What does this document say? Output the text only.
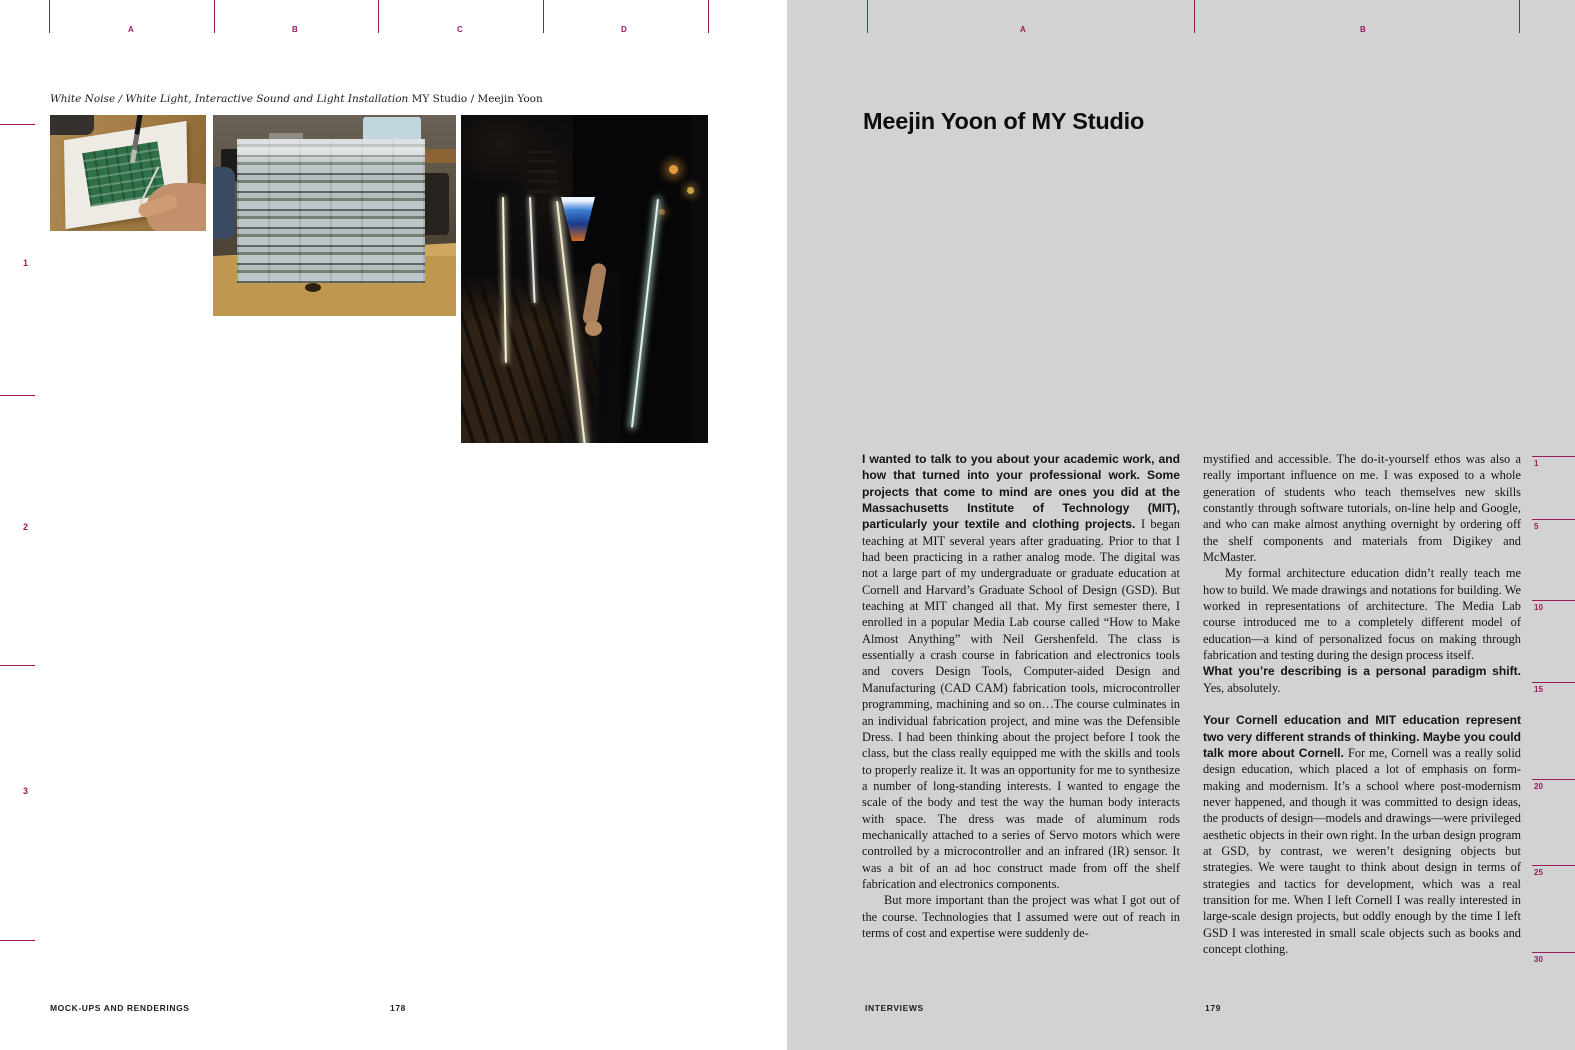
A	B	C	D
1
2
3
White Noise / White Light, Interactive Sound and Light Installation MY Studio / Meejin Yoon
MOCK-UPS AND RENDERINGS	178
A	B
Meejin Yoon of MY Studio

I wanted to talk to you about your academic work, and how that turned into your professional work. Some projects that come to mind are ones you did at the Massachusetts Institute of Technology (MIT), particularly your textile and clothing projects. I began teaching at MIT several years after graduating. Prior to that I had been practicing in a rather analog mode. The digital was not a large part of my undergraduate or graduate education at Cornell and Harvard’s Graduate School of Design (GSD). But teaching at MIT changed all that. My first semester there, I enrolled in a popular Media Lab course called “How to Make Almost Anything” with Neil Gershenfeld. The class is essentially a crash course in fabrication and electronics tools and covers Design Tools, Computer-aided Design and Manufacturing (CAD CAM) fabrication tools, microcontroller programming, machining and so on…The course culminates in an individual fabrication project, and mine was the Defensible Dress. I had been thinking about the project before I took the class, but the class really equipped me with the skills and tools to properly realize it. It was an opportunity for me to synthesize a number of long-standing interests. I wanted to engage the scale of the body and test the way the human body interacts with space. The dress was made of aluminum rods mechanically attached to a series of Servo motors which were controlled by a microcontroller and an infrared (IR) sensor. It was a bit of an ad hoc construct made from off the shelf fabrication and electronics components.

But more important than the project was what I got out of the course. Technologies that I assumed were out of reach in terms of cost and expertise were suddenly de-

mystified and accessible. The do-it-yourself ethos was also a really important influence on me. I was exposed to a whole generation of students who teach themselves new skills constantly through software tutorials, on-line help and Google, and who can make almost anything overnight by ordering off the shelf components and materials from Digikey and McMaster.

My formal architecture education didn’t really teach me how to build. We made drawings and notations for building. We worked in representations of architecture. The Media Lab course introduced me to a completely different model of education—a kind of personalized focus on making through fabrication and testing during the design process itself.

What you’re describing is a personal paradigm shift. Yes, absolutely.

Your Cornell education and MIT education represent two very different strands of thinking. Maybe you could talk more about Cornell. For me, Cornell was a really solid design education, which placed a lot of emphasis on form-making and modernism. It’s a school where post-modernism never happened, and though it was committed to design ideas, the products of design—models and drawings—were privileged aesthetic objects in their own right. In the urban design program at GSD, by contrast, we weren’t designing objects but strategies. We were taught to think about design in terms of strategies and tactics for development, which was a real transition for me. When I left Cornell I was really interested in large-scale design projects, but oddly enough by the time I left GSD I was interested in small scale objects such as books and concept clothing.

1
5
10
15
20
25
30
INTERVIEWS	179
